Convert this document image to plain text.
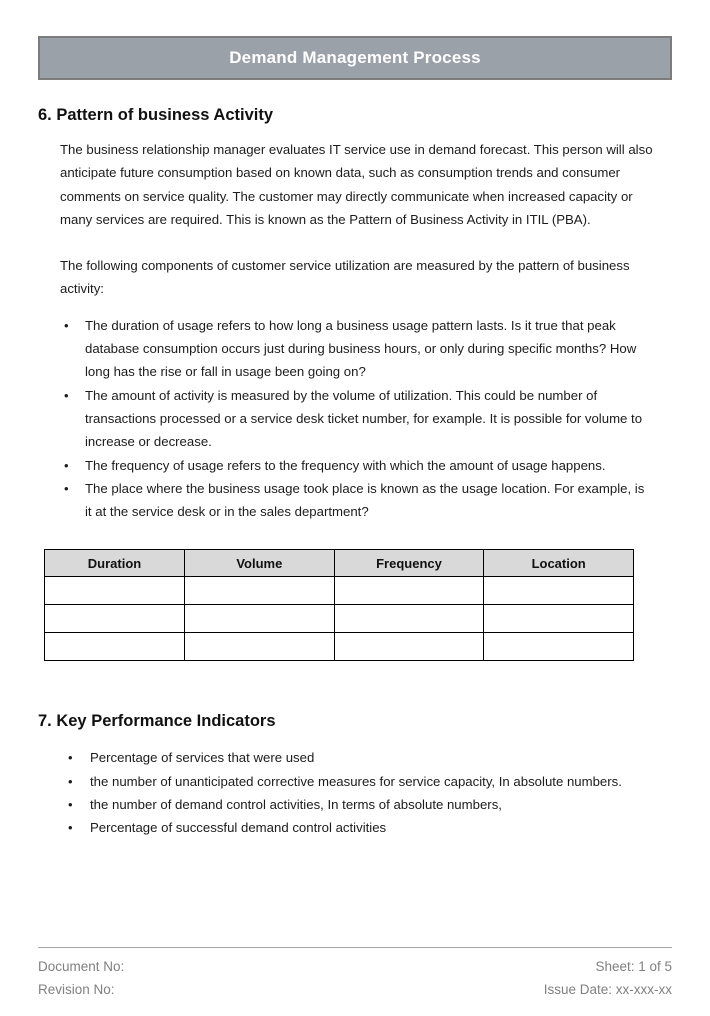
Demand Management Process
6. Pattern of business Activity

The business relationship manager evaluates IT service use in demand forecast. This person will also anticipate future consumption based on known data, such as consumption trends and consumer comments on service quality. The customer may directly communicate when increased capacity or many services are required. This is known as the Pattern of Business Activity in ITIL (PBA).

The following components of customer service utilization are measured by the pattern of business activity:

• The duration of usage refers to how long a business usage pattern lasts. Is it true that peak database consumption occurs just during business hours, or only during specific months? How long has the rise or fall in usage been going on?
• The amount of activity is measured by the volume of utilization. This could be number of transactions processed or a service desk ticket number, for example. It is possible for volume to increase or decrease.
• The frequency of usage refers to the frequency with which the amount of usage happens.
• The place where the business usage took place is known as the usage location. For example, is it at the service desk or in the sales department?
Duration	Volume	Frequency	Location

7. Key Performance Indicators
• Percentage of services that were used
• the number of unanticipated corrective measures for service capacity, In absolute numbers.
• the number of demand control activities, In terms of absolute numbers,
• Percentage of successful demand control activities
Document No:
Revision No:
Sheet: 1 of 5
Issue Date: xx-xxx-xx
